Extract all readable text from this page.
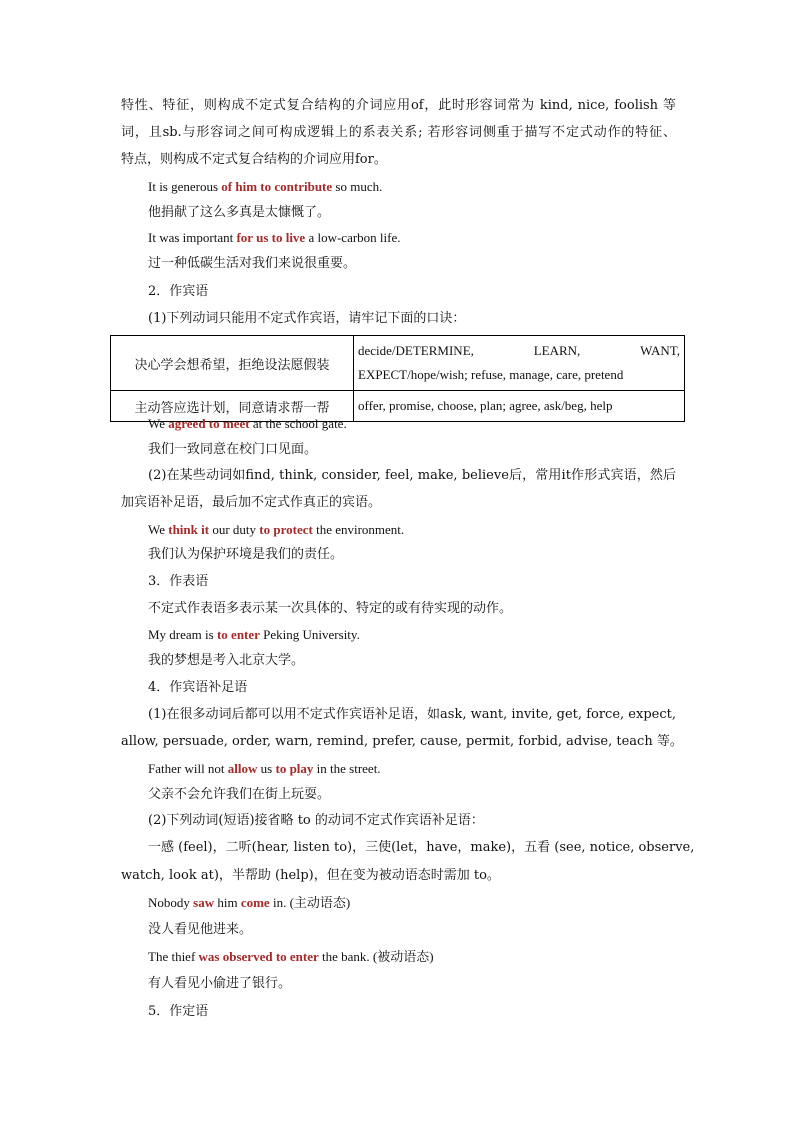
特性、特征，则构成不定式复合结构的介词应用of，此时形容词常为 kind, nice, foolish 等

词，且sb.与形容词之间可构成逻辑上的系表关系; 若形容词侧重于描写不定式动作的特征、

特点，则构成不定式复合结构的介词应用for。

It is generous of him to contribute so much.

他捐献了这么多真是太慷慨了。

It was important for us to live a low-carbon life.

过一种低碳生活对我们来说很重要。

2．作宾语

(1)下列动词只能用不定式作宾语，请牢记下面的口诀：

决心学会想希望，拒绝设法愿假装	decide/DETERMINE, LEARN, WANT,
EXPECT/hope/wish; refuse, manage, care, pretend

主动答应选计划，同意请求帮一帮	offer, promise, choose, plan; agree, ask/beg, help

We agreed to meet at the school gate.

我们一致同意在校门口见面。

(2)在某些动词如find, think, consider, feel, make, believe后，常用it作形式宾语，然后

加宾语补足语，最后加不定式作真正的宾语。

We think it our duty to protect the environment.

我们认为保护环境是我们的责任。

3．作表语

不定式作表语多表示某一次具体的、特定的或有待实现的动作。

My dream is to enter Peking University.

我的梦想是考入北京大学。

4．作宾语补足语

(1)在很多动词后都可以用不定式作宾语补足语，如ask, want, invite, get, force, expect,

allow, persuade, order, warn, remind, prefer, cause, permit, forbid, advise, teach 等。

Father will not allow us to play in the street.

父亲不会允许我们在街上玩耍。

(2)下列动词(短语)接省略 to 的动词不定式作宾语补足语：

一感 (feel)，二听(hear, listen to)，三使(let，have，make)，五看 (see, notice, observe,

watch, look at)，半帮助 (help)，但在变为被动语态时需加 to。

Nobody saw him come in. (主动语态)

没人看见他进来。

The thief was observed to enter the bank. (被动语态)

有人看见小偷进了银行。

5．作定语
